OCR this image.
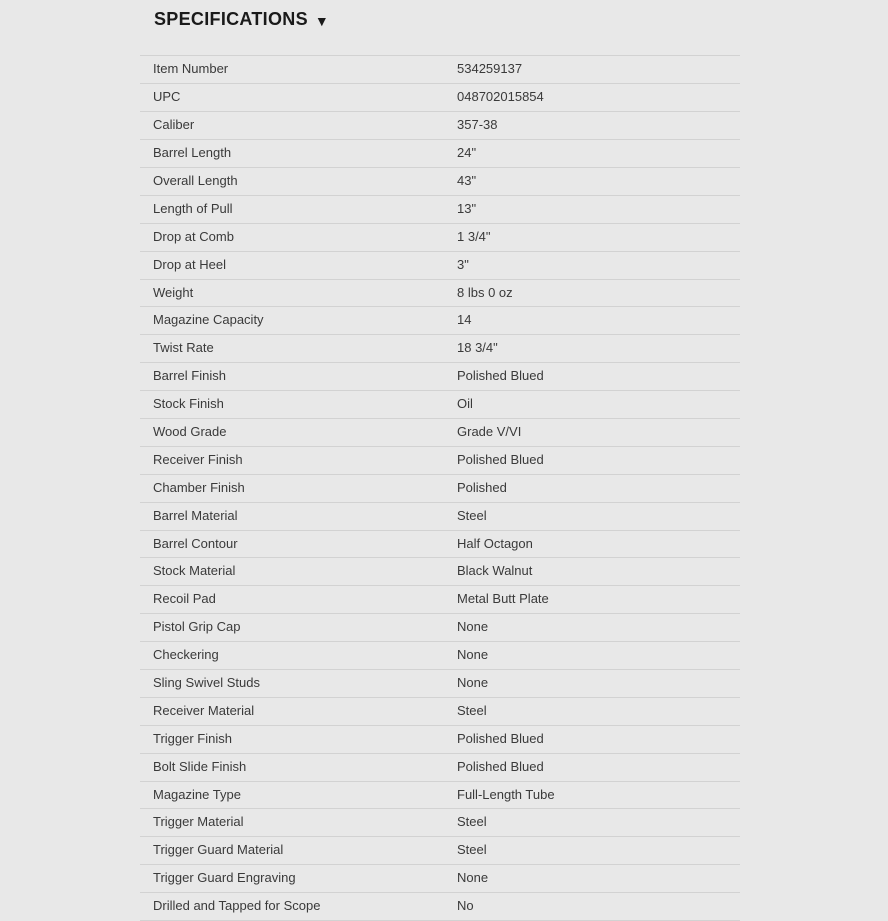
SPECIFICATIONS ▼
Item Number	534259137
UPC	048702015854
Caliber	357-38
Barrel Length	24"
Overall Length	43"
Length of Pull	13"
Drop at Comb	1 3/4"
Drop at Heel	3"
Weight	8 lbs 0 oz
Magazine Capacity	14
Twist Rate	18 3/4"
Barrel Finish	Polished Blued
Stock Finish	Oil
Wood Grade	Grade V/VI
Receiver Finish	Polished Blued
Chamber Finish	Polished
Barrel Material	Steel
Barrel Contour	Half Octagon
Stock Material	Black Walnut
Recoil Pad	Metal Butt Plate
Pistol Grip Cap	None
Checkering	None
Sling Swivel Studs	None
Receiver Material	Steel
Trigger Finish	Polished Blued
Bolt Slide Finish	Polished Blued
Magazine Type	Full-Length Tube
Trigger Material	Steel
Trigger Guard Material	Steel
Trigger Guard Engraving	None
Drilled and Tapped for Scope	No
